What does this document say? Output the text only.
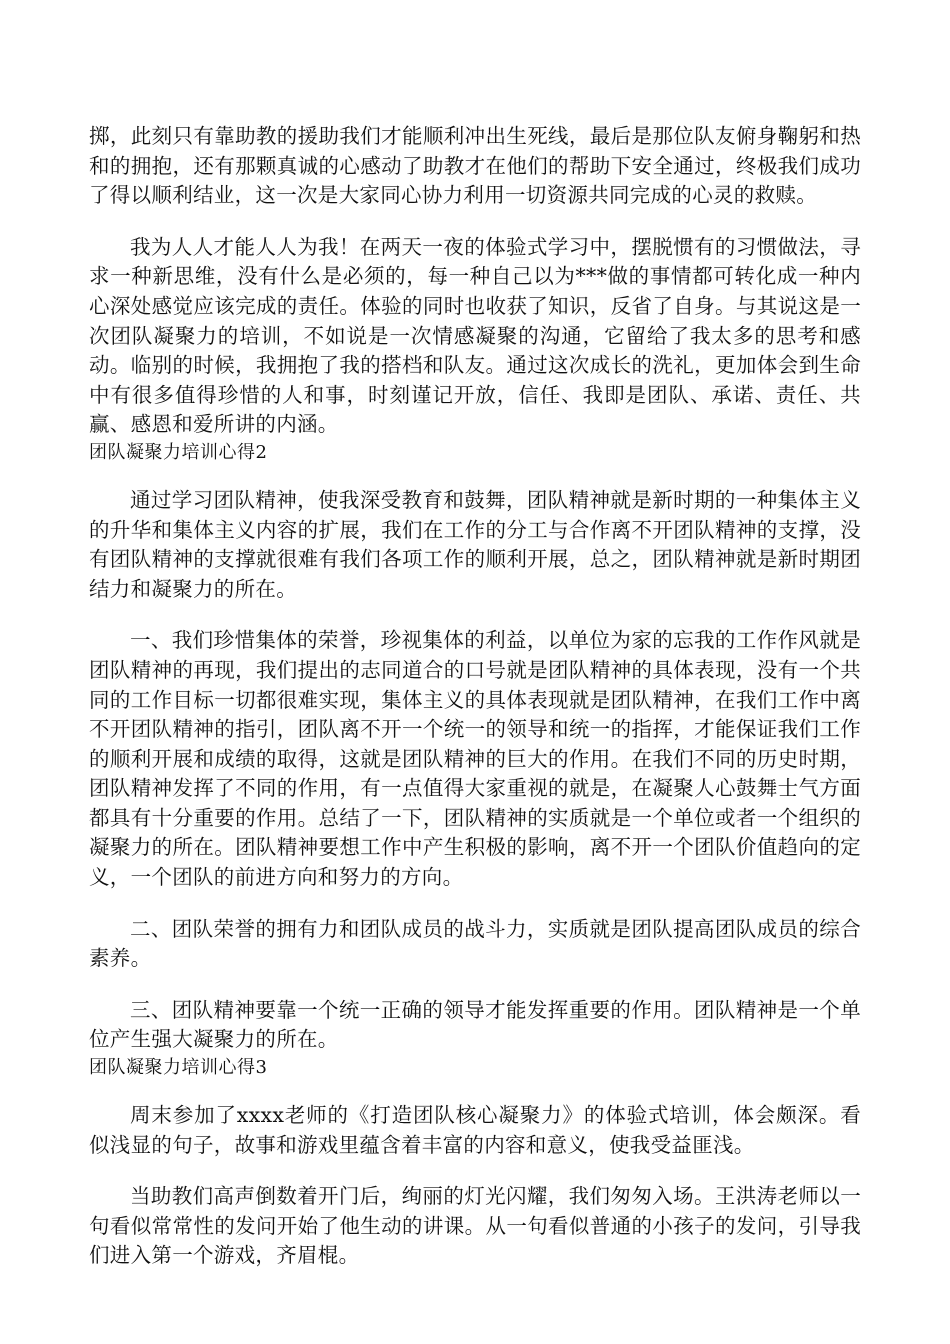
掷，此刻只有靠助教的援助我们才能顺利冲出生死线，最后是那位队友俯身鞠躬和热和的拥抱，还有那颗真诚的心感动了助教才在他们的帮助下安全通过，终极我们成功了得以顺利结业，这一次是大家同心协力利用一切资源共同完成的心灵的救赎。

我为人人才能人人为我！在两天一夜的体验式学习中，摆脱惯有的习惯做法，寻求一种新思维，没有什么是必须的，每一种自己以为***做的事情都可转化成一种内心深处感觉应该完成的责任。体验的同时也收获了知识，反省了自身。与其说这是一次团队凝聚力的培训，不如说是一次情感凝聚的沟通，它留给了我太多的思考和感动。临别的时候，我拥抱了我的搭档和队友。通过这次成长的洗礼，更加体会到生命中有很多值得珍惜的人和事，时刻谨记开放，信任、我即是团队、承诺、责任、共赢、感恩和爱所讲的内涵。

团队凝聚力培训心得2

通过学习团队精神，使我深受教育和鼓舞，团队精神就是新时期的一种集体主义的升华和集体主义内容的扩展，我们在工作的分工与合作离不开团队精神的支撑，没有团队精神的支撑就很难有我们各项工作的顺利开展，总之，团队精神就是新时期团结力和凝聚力的所在。

一、我们珍惜集体的荣誉，珍视集体的利益，以单位为家的忘我的工作作风就是团队精神的再现，我们提出的志同道合的口号就是团队精神的具体表现，没有一个共同的工作目标一切都很难实现，集体主义的具体表现就是团队精神，在我们工作中离不开团队精神的指引，团队离不开一个统一的领导和统一的指挥，才能保证我们工作的顺利开展和成绩的取得，这就是团队精神的巨大的作用。在我们不同的历史时期，团队精神发挥了不同的作用，有一点值得大家重视的就是，在凝聚人心鼓舞士气方面都具有十分重要的作用。总结了一下，团队精神的实质就是一个单位或者一个组织的凝聚力的所在。团队精神要想工作中产生积极的影响，离不开一个团队价值趋向的定义，一个团队的前进方向和努力的方向。

二、团队荣誉的拥有力和团队成员的战斗力，实质就是团队提高团队成员的综合素养。

三、团队精神要靠一个统一正确的领导才能发挥重要的作用。团队精神是一个单位产生强大凝聚力的所在。

团队凝聚力培训心得3

周末参加了xxxx老师的《打造团队核心凝聚力》的体验式培训，体会颇深。看似浅显的句子，故事和游戏里蕴含着丰富的内容和意义，使我受益匪浅。

当助教们高声倒数着开门后，绚丽的灯光闪耀，我们匆匆入场。王洪涛老师以一句看似常常性的发问开始了他生动的讲课。从一句看似普通的小孩子的发问，引导我们进入第一个游戏，齐眉棍。
